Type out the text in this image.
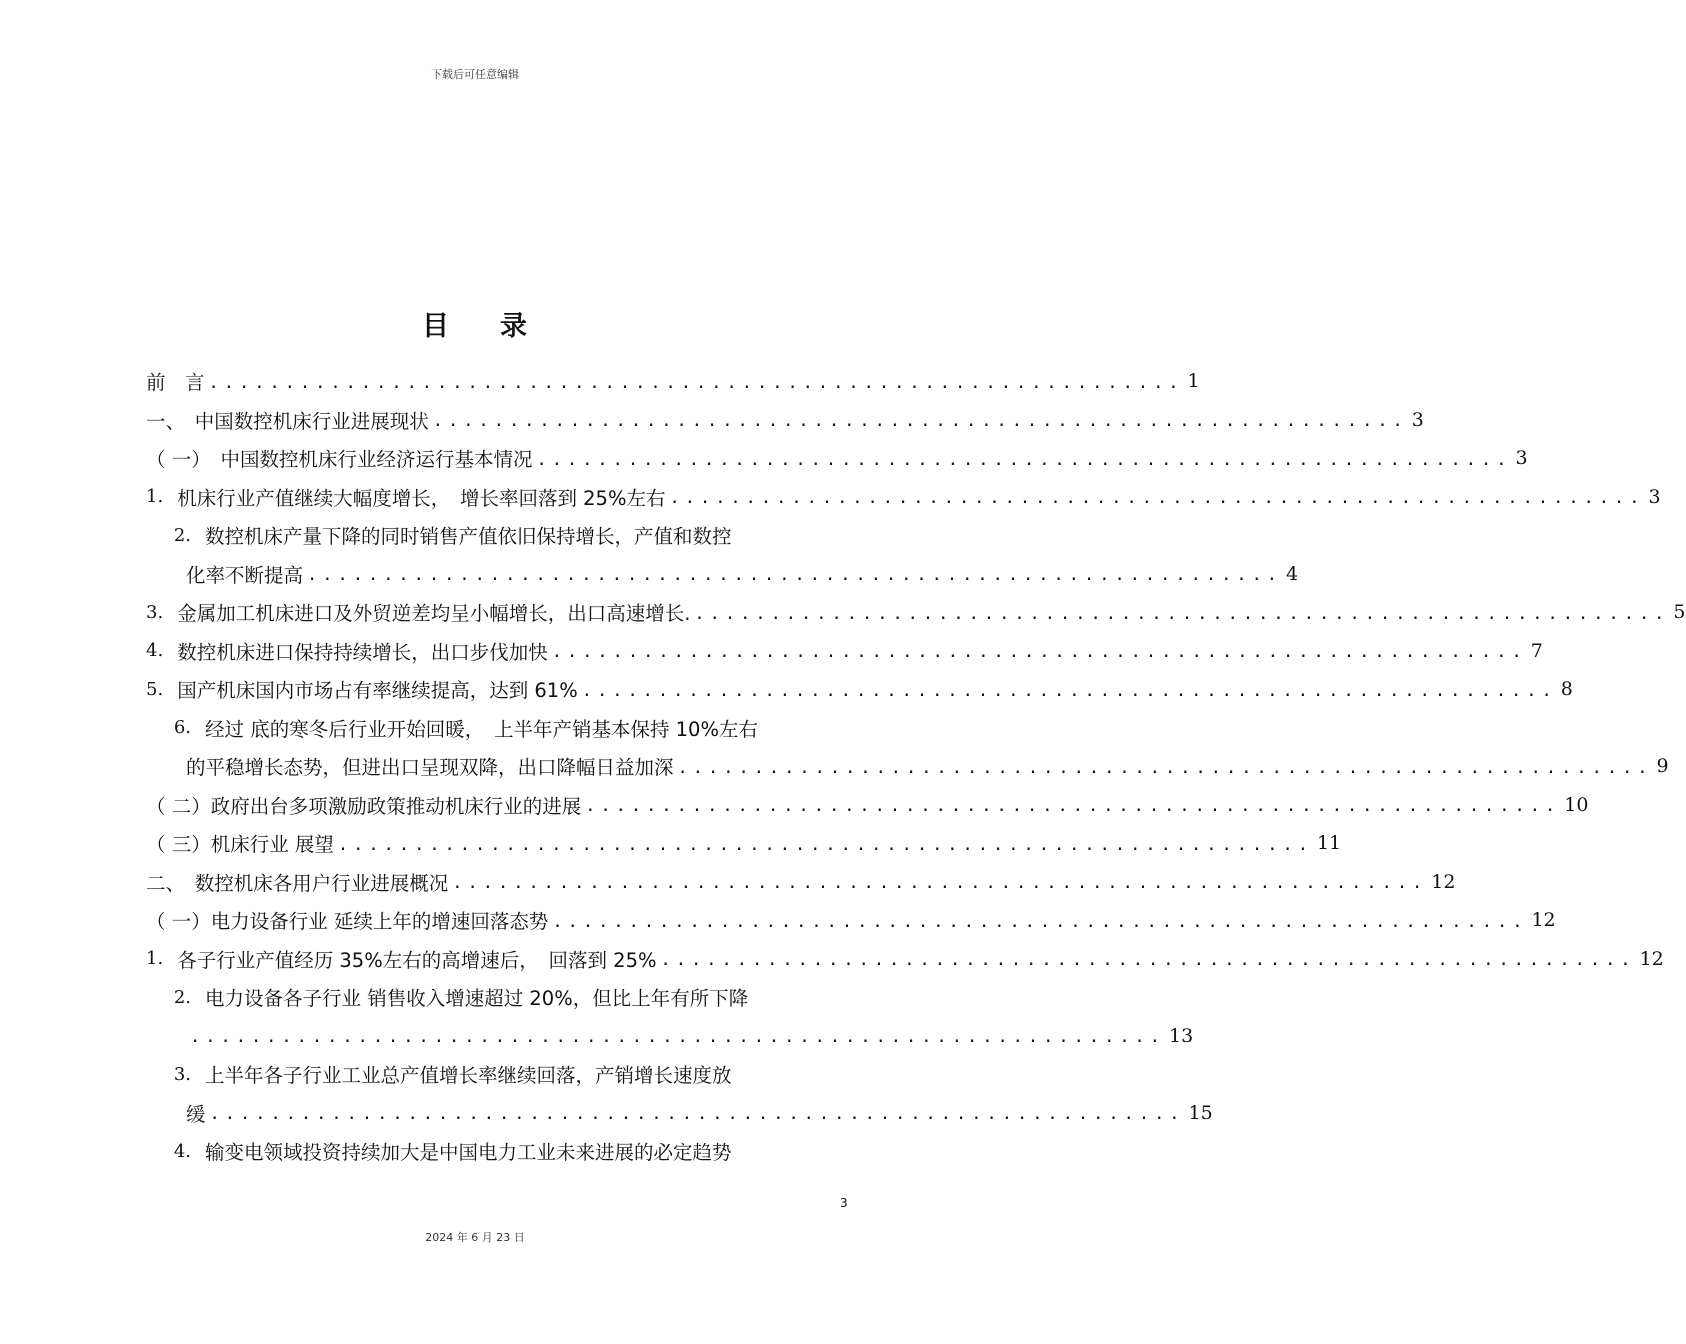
下载后可任意编辑
目 录
前　言 ................................................................ 1
一、　中国数控机床行业进展现状 ................................................................ 3
（ 一）　中国数控机床行业经济运行基本情况 ................................................................ 3
1. 机床行业产值继续大幅度增长，　增长率回落到 25%左右 ................................................................ 3
2. 数控机床产量下降的同时销售产值依旧保持增长，产值和数控
化率不断提高 ................................................................ 4
3. 金属加工机床进口及外贸逆差均呈小幅增长，出口高速增长. ................................................................ 5
4. 数控机床进口保持持续增长，出口步伐加快 ................................................................ 7
5. 国产机床国内市场占有率继续提高，达到 61% ................................................................ 8
6. 经过 底的寒冬后行业开始回暖，　上半年产销基本保持 10%左右
的平稳增长态势，但进出口呈现双降，出口降幅日益加深 ................................................................ 9
（ 二）政府出台多项激励政策推动机床行业的进展 ................................................................ 10
（ 三）机床行业 展望 ................................................................ 11
二、　数控机床各用户行业进展概况 ................................................................ 12
（ 一）电力设备行业 延续上年的增速回落态势 ................................................................ 12
1. 各子行业产值经历 35%左右的高增速后，　回落到 25% ................................................................ 12
2. 电力设备各子行业 销售收入增速超过 20%，但比上年有所下降
................................................................ 13
3. 上半年各子行业工业总产值增长率继续回落，产销增长速度放
缓 ................................................................ 15
4. 输变电领域投资持续加大是中国电力工业未来进展的必定趋势
3
2024 年 6 月 23 日
